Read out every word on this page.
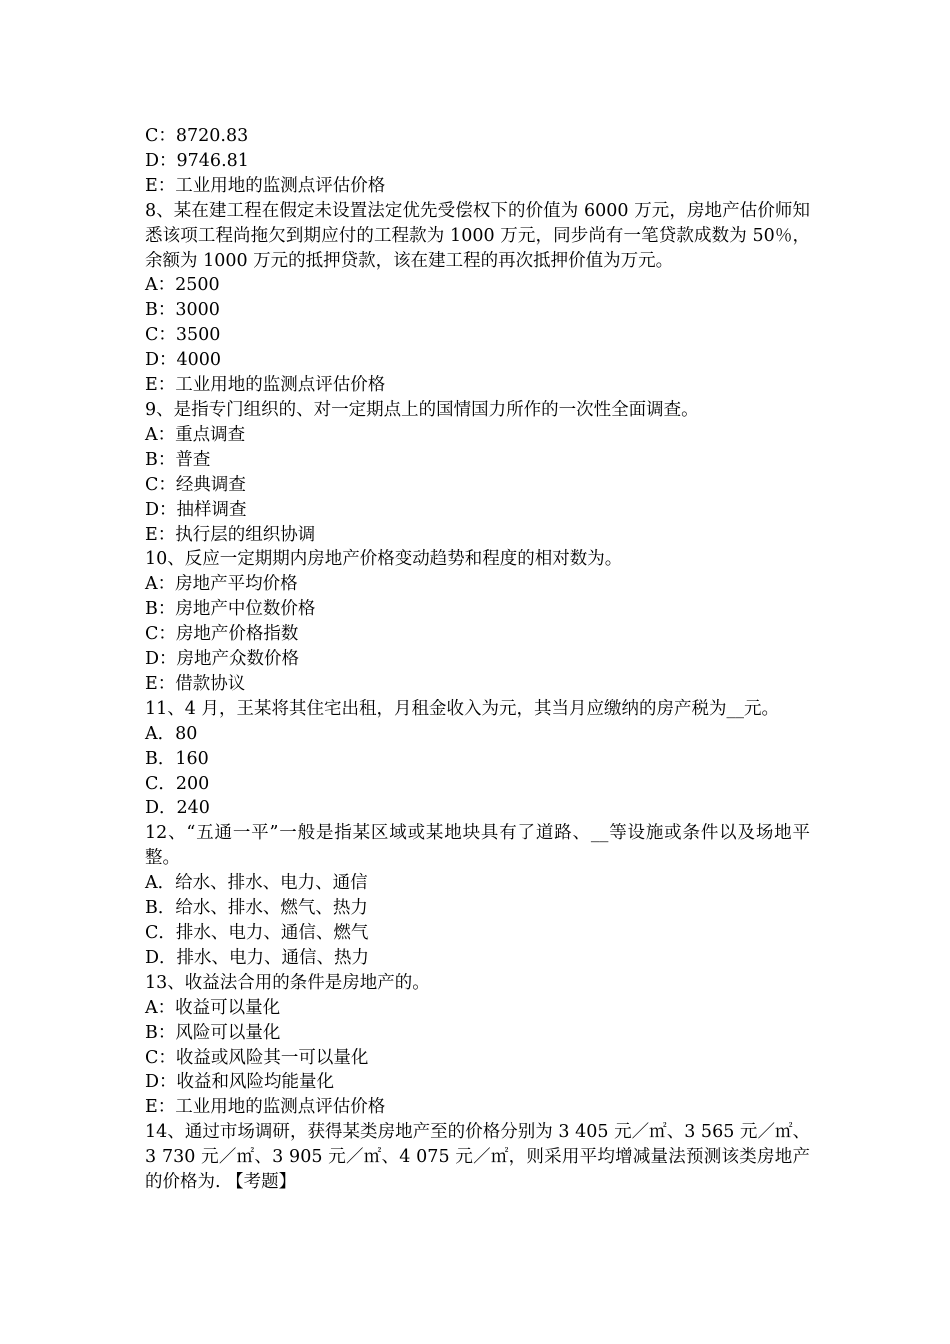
C：8720.83

D：9746.81

E：工业用地的监测点评估价格

8、某在建工程在假定未设置法定优先受偿权下的价值为 6000 万元，房地产估价师知悉该项工程尚拖欠到期应付的工程款为 1000 万元，同步尚有一笔贷款成数为 50％，余额为 1000 万元的抵押贷款，该在建工程的再次抵押价值为万元。

A：2500

B：3000

C：3500

D：4000

E：工业用地的监测点评估价格

9、是指专门组织的、对一定期点上的国情国力所作的一次性全面调查。

A：重点调查

B：普查

C：经典调查

D：抽样调查

E：执行层的组织协调

10、反应一定期期内房地产价格变动趋势和程度的相对数为。

A：房地产平均价格

B：房地产中位数价格

C：房地产价格指数

D：房地产众数价格

E：借款协议

11、4 月，王某将其住宅出租，月租金收入为元，其当月应缴纳的房产税为__元。

A．80

B．160

C．200

D．240

12、“五通一平”一般是指某区域或某地块具有了道路、__等设施或条件以及场地平整。

A．给水、排水、电力、通信

B．给水、排水、燃气、热力

C．排水、电力、通信、燃气

D．排水、电力、通信、热力

13、收益法合用的条件是房地产的。

A：收益可以量化

B：风险可以量化

C：收益或风险其一可以量化

D：收益和风险均能量化

E：工业用地的监测点评估价格

14、通过市场调研，获得某类房地产至的价格分别为 3 405 元／㎡、3 565 元／㎡、3 730 元／㎡、3 905 元／㎡、4 075 元／㎡，则采用平均增减量法预测该类房地产 的价格为. 【考题】
